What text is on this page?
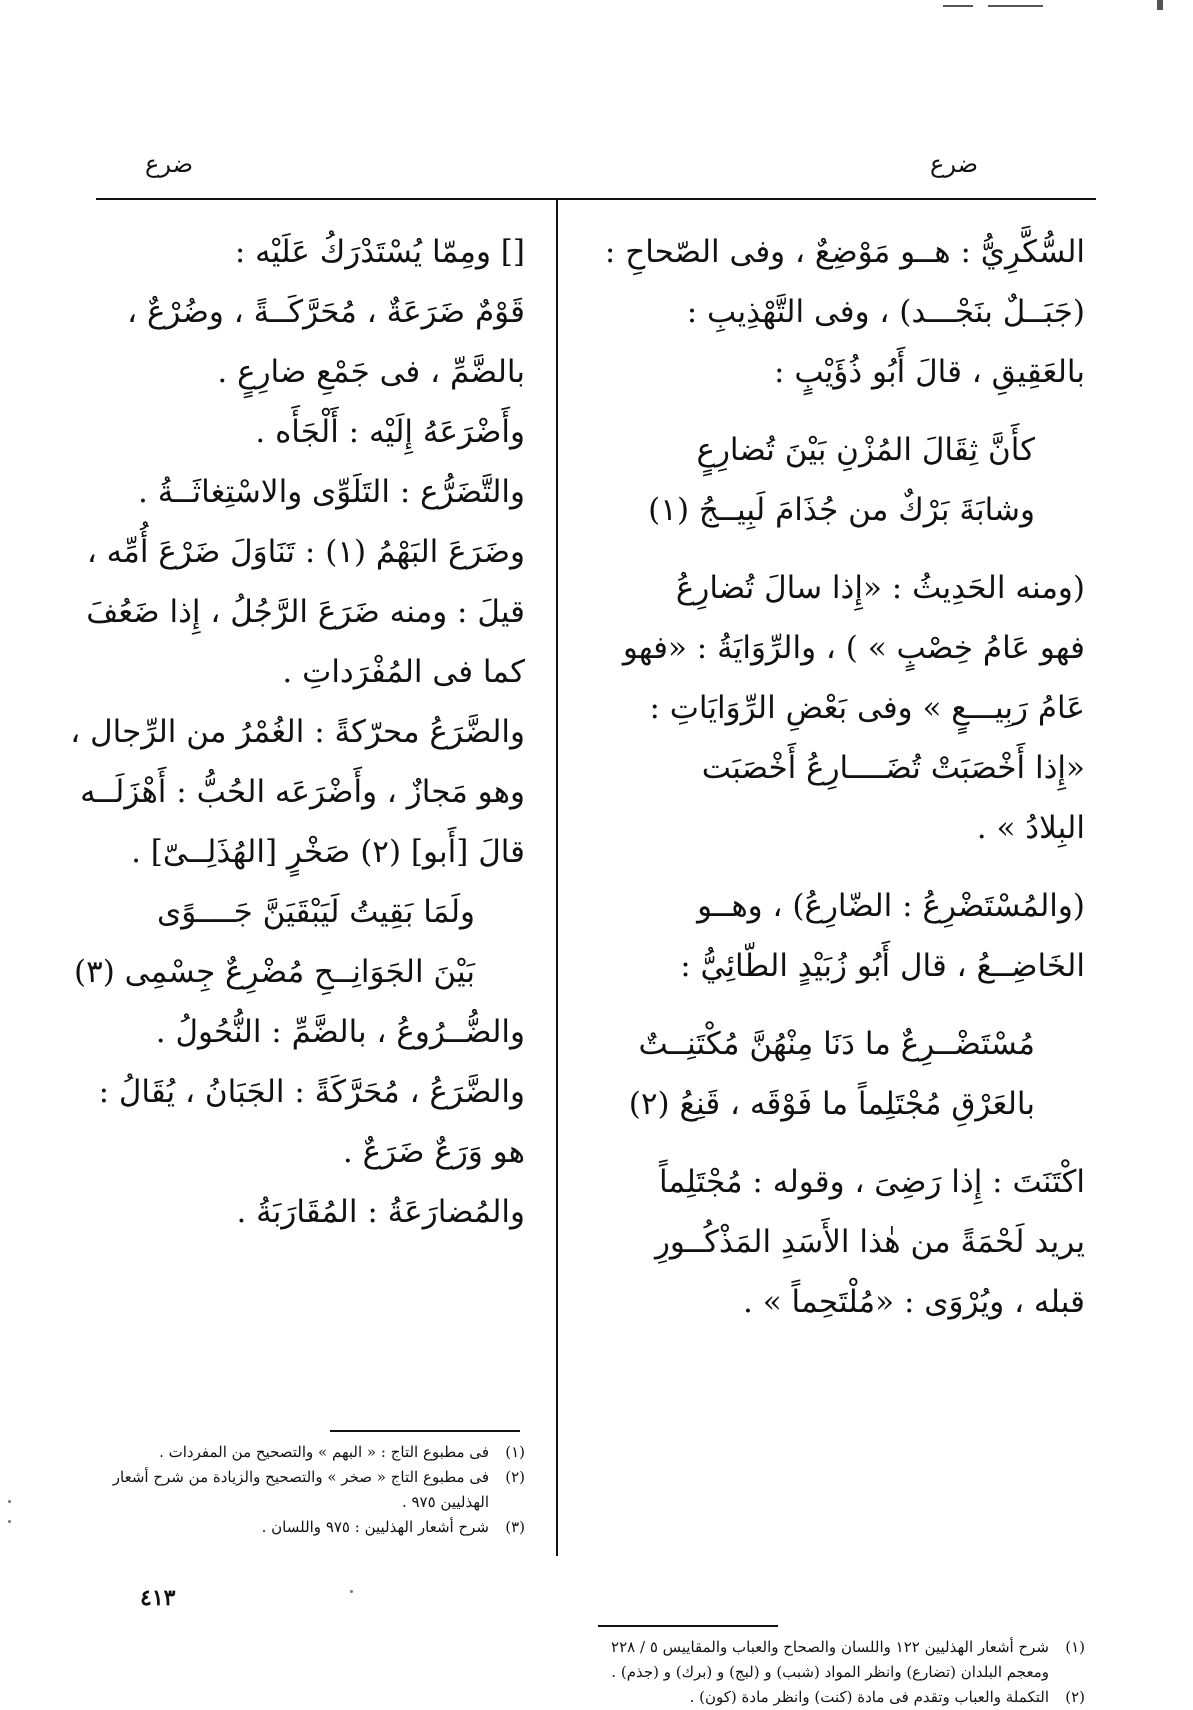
ضرع
ضرع
السُّكَّرِيُّ : هــو مَوْضِعٌ ، وفى الصّحاحِ :
(جَبَــلٌ بنَجْـــد) ، وفى التَّهْذِيبِ :
بالعَقِيقِ ، قالَ أَبُو ذُؤَيْبٍ :
كأَنَّ ثِقَالَ المُزْنِ بَيْنَ تُضارِعٍ
وشابَةَ بَرْكٌ من جُذَامَ لَبِيــجُ (١)
(ومنه الحَدِيثُ : «إِذا سالَ تُضارِعُ
فهو عَامُ خِصْبٍ » ) ، والرِّوَايَةُ : «فهو
عَامُ رَبِيـــعٍ » وفى بَعْضِ الرِّوَايَاتِ :
«إِذا أَخْصَبَتْ تُضَــــارِعُ أَخْصَبَت
البِلادُ » .
(والمُسْتَضْرِعُ : الضّارِعُ) ، وهــو
الخَاضِــعُ ، قال أَبُو زُبَيْدٍ الطّائِيُّ :
مُسْتَضْــرِعٌ ما دَنَا مِنْهُنَّ مُكْتَنِــتٌ
بالعَرْقِ مُجْتَلِماً ما فَوْقَه ، قَنِعُ (٢)
اكْتَنَتَ : إِذا رَضِىَ ، وقوله : مُجْتَلِماً
يريد لَحْمَةً من هٰذا الأَسَدِ المَذْكُــورِ
قبله ، ويُرْوَى : «مُلْتَحِماً » .
(١)
شرح أشعار الهذليين ١٢٢ واللسان والصحاح والعباب والمقاييس ٥ / ٢٢٨ ومعجم البلدان (تضارع) وانظر المواد (شبب) و (لبج) و (برك) و (جذم) .
(٢)
التكملة والعباب وتقدم فى مادة (كنت) وانظر مادة (كون) .
[] ومِمّا يُسْتَدْرَكُ عَلَيْه :
قَوْمٌ ضَرَعَةٌ ، مُحَرَّكَــةً ، وضُرْعٌ ،
بالضَّمِّ ، فى جَمْعِ ضارِعٍ .
وأَضْرَعَهُ إِلَيْه : أَلْجَأَه .
والتَّضَرُّع : التَلَوِّى والاسْتِغاثَــةُ .
وضَرَعَ البَهْمُ (١) : تَنَاوَلَ ضَرْعَ أُمِّه ،
قيلَ : ومنه ضَرَعَ الرَّجُلُ ، إِذا ضَعُفَ
كما فى المُفْرَداتِ .
والضَّرَعُ محرّكةً : الغُمْرُ من الرِّجال ،
وهو مَجازٌ ، وأَضْرَعَه الحُبُّ : أَهْزَلَــه
قالَ [أَبو] (٢) صَخْرٍ [الهُذَلِــىّ] .
ولَمَا بَقِيتُ لَيَبْقَيَنَّ جَــــوًى
بَيْنَ الجَوَانِــحِ مُضْرِعٌ جِسْمِى (٣)
والضُّــرُوعُ ، بالضَّمِّ : النُّحُولُ .
والضَّرَعُ ، مُحَرَّكَةً : الجَبَانُ ، يُقَالُ :
هو وَرَعٌ ضَرَعٌ .
والمُضارَعَةُ : المُقَارَبَةُ .
(١)
فى مطبوع التاج : « البهم » والتصحيح من المفردات .
(٢)
فى مطبوع التاج « صخر » والتصحيح والزيادة من شرح أشعار الهذليين ٩٧٥ .
(٣)
شرح أشعار الهذليين : ٩٧٥ واللسان .
٤١٣
